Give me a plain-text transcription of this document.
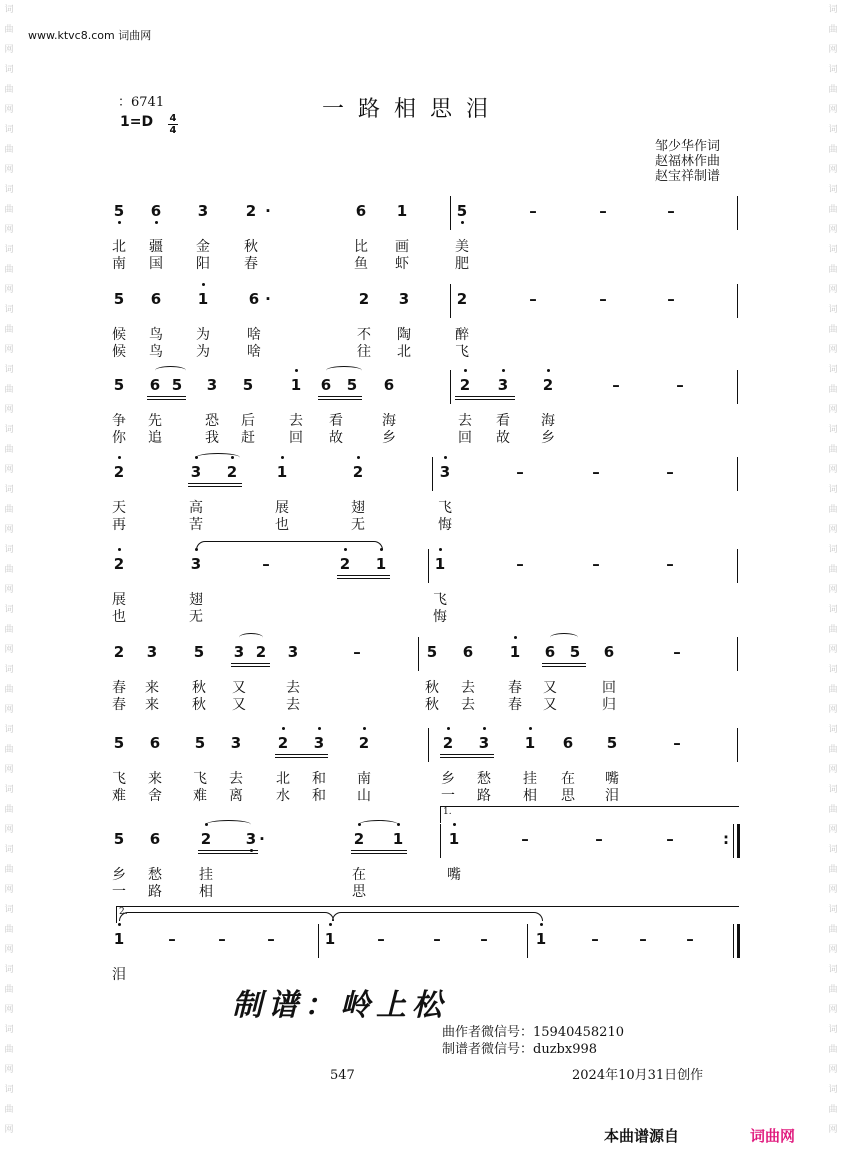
词曲网词曲网词曲网词曲网词曲网词曲网词曲网词曲网词曲网词曲网词曲网词曲网词曲网词曲网词曲网词曲网词曲网词曲网词曲网
词曲网词曲网词曲网词曲网词曲网词曲网词曲网词曲网词曲网词曲网词曲网词曲网词曲网词曲网词曲网词曲网词曲网词曲网词曲网
www.ktvc8.com 词曲网
：6741
1=D 4
4
一路相思泪
邹少华作词
赵福林作曲
赵宝祥制谱
5	6	3	2 ·	6	1	5	–	–	–
北 疆 金 秋	比 画	美
南 国 阳 春	鱼 虾	肥
5	6	1	6 ·	2	3	2	–	–	–
候 鸟 为	啥	不 陶	醉
候 鸟 为	啥	往 北	飞
5	6 5	3	5	1	6	5	6	2	3	2	–	–
争 先	恐 后 去 看	海	去 看 海
你 追	我 赶 回 故	乡	回 故 乡
2	3	2	1	2	3	–	–	–
天	高	展	翅	飞
再	苦	也	无	悔
2	3	–	2	1	1	–	–	–
展	翅	飞
也	无	悔
2	3	5	3 2	3	–	5	6	1	6 5	6	–
春 来 秋 又	去	秋 去 春 又	回
春 来 秋 又	去	秋 去 春 又	归
5	6	5	3	2	3	2	2	3	1	6	5	–
飞 来 飞 去 北 和 南	乡 愁 挂 在 嘴
难 舍 难 离 水 和 山	一 路 相 思 泪
5	6	2	3 ·	2	1	1	–	–	–	:
1.
乡 愁	挂	在	嘴
一 路	相	思
1	–	–	–	1	–	–	–	1	–	–	–
2.
泪
制谱：岭上松
曲作者微信号：15940458210
制谱者微信号：duzbx998
547	2024年10月31日创作
本曲谱源自	词曲网
